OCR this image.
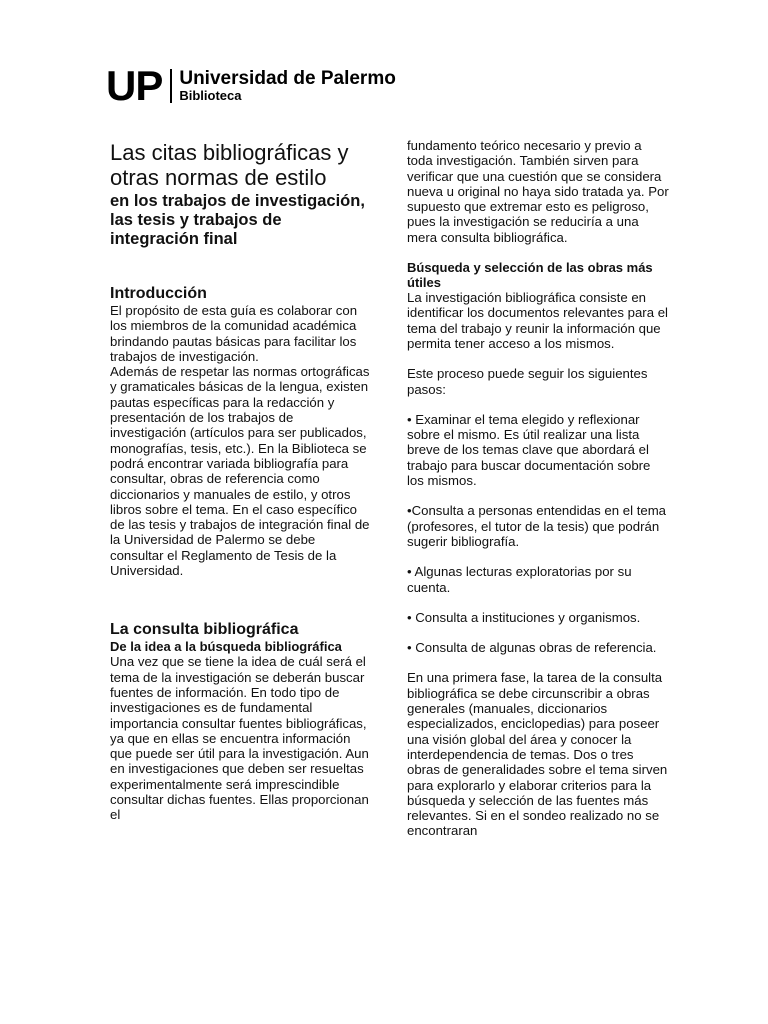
UP Universidad de Palermo
Biblioteca
Las citas bibliográficas y otras normas de estilo
en los trabajos de investigación, las tesis y trabajos de integración final
Introducción

El propósito de esta guía es colaborar con los miembros de la comunidad académica brindando pautas básicas para facilitar los trabajos de investigación.

Además de respetar las normas ortográficas y gramaticales básicas de la lengua, existen pautas específicas para la redacción y presentación de los trabajos de investigación (artículos para ser publicados, monografías, tesis, etc.). En la Biblioteca se podrá encontrar variada bibliografía para consultar, obras de referencia como diccionarios y manuales de estilo, y otros libros sobre el tema. En el caso específico de las tesis y trabajos de integración final de la Universidad de Palermo se debe consultar el Reglamento de Tesis de la Universidad.

La consulta bibliográfica
De la idea a la búsqueda bibliográfica

Una vez que se tiene la idea de cuál será el tema de la investigación se deberán buscar fuentes de información. En todo tipo de investigaciones es de fundamental importancia consultar fuentes bibliográficas, ya que en ellas se encuentra información que puede ser útil para la investigación. Aun en investigaciones que deben ser resueltas experimentalmente será imprescindible consultar dichas fuentes. Ellas proporcionan el

fundamento teórico necesario y previo a toda investigación. También sirven para verificar que una cuestión que se considera nueva u original no haya sido tratada ya. Por supuesto que extremar esto es peligroso, pues la investigación se reduciría a una mera consulta bibliográfica.

Búsqueda y selección de las obras más útiles

La investigación bibliográfica consiste en identificar los documentos relevantes para el tema del trabajo y reunir la información que permita tener acceso a los mismos.

Este proceso puede seguir los siguientes pasos:

• Examinar el tema elegido y reflexionar sobre el mismo. Es útil realizar una lista breve de los temas clave que abordará el trabajo para buscar documentación sobre los mismos.

•Consulta a personas entendidas en el tema (profesores, el tutor de la tesis) que podrán sugerir bibliografía.

• Algunas lecturas exploratorias por su cuenta.

• Consulta a instituciones y organismos.

• Consulta de algunas obras de referencia.

En una primera fase, la tarea de la consulta bibliográfica se debe circunscribir a obras generales (manuales, diccionarios especializados, enciclopedias) para poseer una visión global del área y conocer la interdependencia de temas. Dos o tres obras de generalidades sobre el tema sirven para explorarlo y elaborar criterios para la búsqueda y selección de las fuentes más relevantes. Si en el sondeo realizado no se encontraran
